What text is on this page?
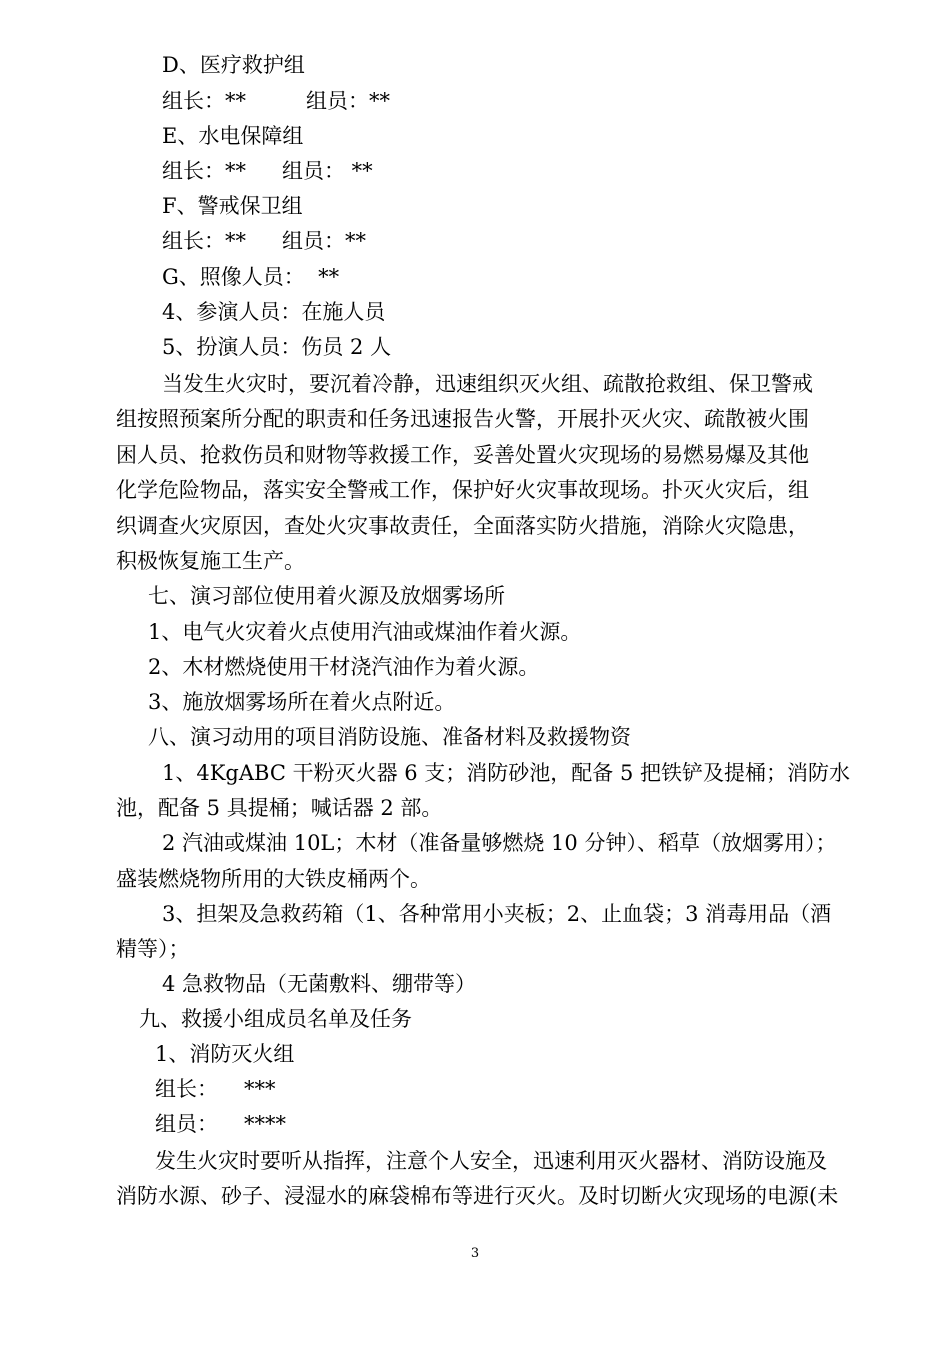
D、医疗救护组
组长：**	组员：**
E、水电保障组
组长：** 组员： **
F、警戒保卫组
组长：** 组员：**
G、照像人员：  **
4、参演人员：在施人员
5、扮演人员：伤员 2 人
当发生火灾时，要沉着冷静，迅速组织灭火组、疏散抢救组、保卫警戒
组按照预案所分配的职责和任务迅速报告火警，开展扑灭火灾、疏散被火围
困人员、抢救伤员和财物等救援工作，妥善处置火灾现场的易燃易爆及其他
化学危险物品，落实安全警戒工作，保护好火灾事故现场。扑灭火灾后，组
织调查火灾原因，查处火灾事故责任，全面落实防火措施，消除火灾隐患，
积极恢复施工生产。
七、演习部位使用着火源及放烟雾场所
1、电气火灾着火点使用汽油或煤油作着火源。
2、木材燃烧使用干材浇汽油作为着火源。
3、施放烟雾场所在着火点附近。
八、演习动用的项目消防设施、准备材料及救援物资
1、4KgABC 干粉灭火器 6 支；消防砂池，配备 5 把铁铲及提桶；消防水
池，配备 5 具提桶；喊话器 2 部。
2 汽油或煤油 10L；木材（准备量够燃烧 10 分钟）、稻草（放烟雾用）；
盛装燃烧物所用的大铁皮桶两个。
3、担架及急救药箱（1、各种常用小夹板；2、止血袋；3 消毒用品（酒
精等）；
4 急救物品（无菌敷料、绷带等）
九、救援小组成员名单及任务
1、消防灭火组
组长： ***
组员： ****
发生火灾时要听从指挥，注意个人安全，迅速利用灭火器材、消防设施及
消防水源、砂子、浸湿水的麻袋棉布等进行灭火。及时切断火灾现场的电源(未
3
